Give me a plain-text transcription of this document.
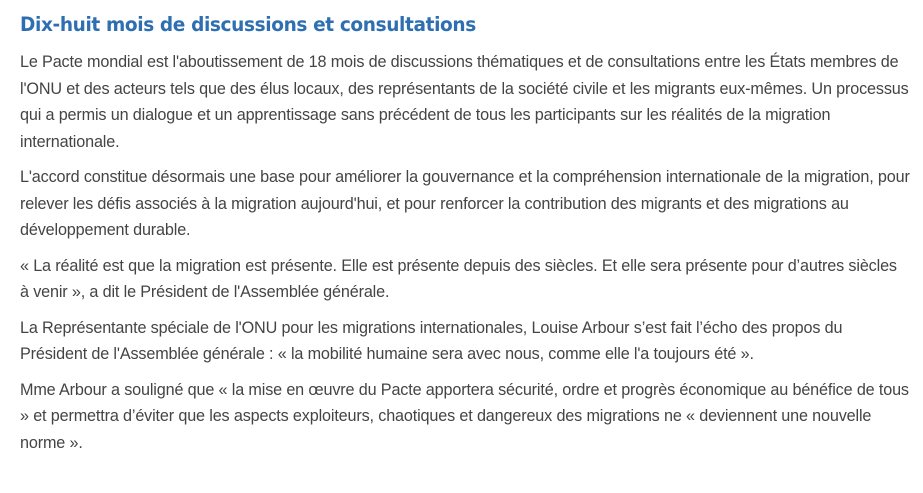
Dix-huit mois de discussions et consultations

Le Pacte mondial est l'aboutissement de 18 mois de discussions thématiques et de consultations entre les États membres de l'ONU et des acteurs tels que des élus locaux, des représentants de la société civile et les migrants eux-mêmes. Un processus qui a permis un dialogue et un apprentissage sans précédent de tous les participants sur les réalités de la migration internationale.

L'accord constitue désormais une base pour améliorer la gouvernance et la compréhension internationale de la migration, pour relever les défis associés à la migration aujourd'hui, et pour renforcer la contribution des migrants et des migrations au développement durable.

« La réalité est que la migration est présente. Elle est présente depuis des siècles. Et elle sera présente pour d’autres siècles à venir », a dit le Président de l'Assemblée générale.

La Représentante spéciale de l'ONU pour les migrations internationales, Louise Arbour s’est fait l’écho des propos du Président de l'Assemblée générale : « la mobilité humaine sera avec nous, comme elle l'a toujours été ».

Mme Arbour a souligné que « la mise en œuvre du Pacte apportera sécurité, ordre et progrès économique au bénéfice de tous » et permettra d’éviter que les aspects exploiteurs, chaotiques et dangereux des migrations ne « deviennent une nouvelle norme ».
